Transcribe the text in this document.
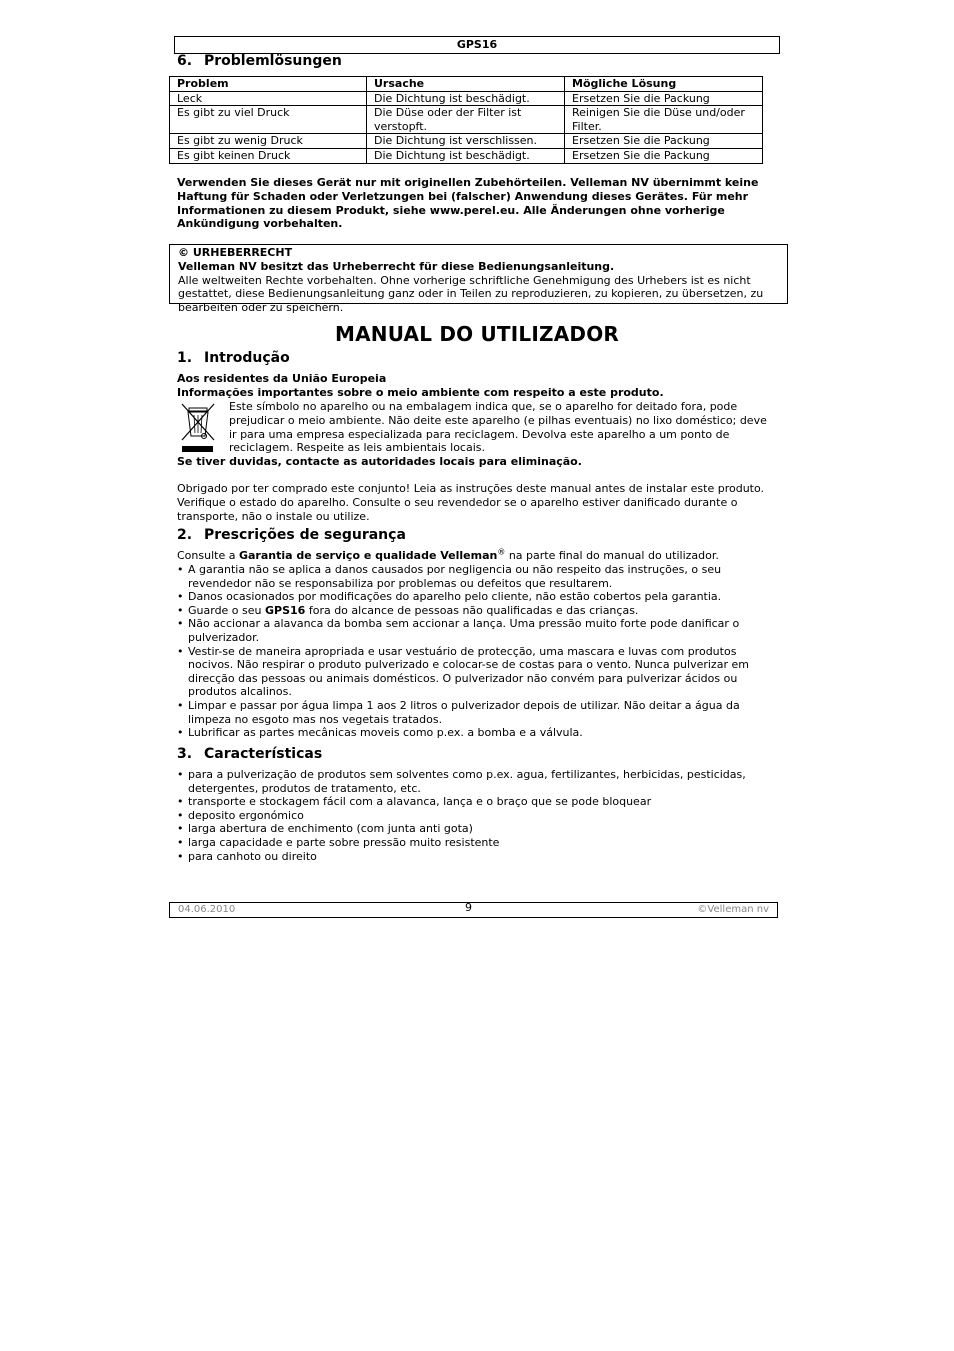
GPS16
6. Problemlösungen
Problem	Ursache	Mögliche Lösung
Leck	Die Dichtung ist beschädigt.	Ersetzen Sie die Packung
Es gibt zu viel Druck	Die Düse oder der Filter ist verstopft.	Reinigen Sie die Düse und/oder Filter.
Es gibt zu wenig Druck	Die Dichtung ist verschlissen.	Ersetzen Sie die Packung
Es gibt keinen Druck	Die Dichtung ist beschädigt.	Ersetzen Sie die Packung
Verwenden Sie dieses Gerät nur mit originellen Zubehörteilen. Velleman NV übernimmt keine Haftung für Schaden oder Verletzungen bei (falscher) Anwendung dieses Gerätes. Für mehr Informationen zu diesem Produkt, siehe www.perel.eu. Alle Änderungen ohne vorherige Ankündigung vorbehalten.
© URHEBERRECHT
Velleman NV besitzt das Urheberrecht für diese Bedienungsanleitung.
Alle weltweiten Rechte vorbehalten. Ohne vorherige schriftliche Genehmigung des Urhebers ist es nicht gestattet, diese Bedienungsanleitung ganz oder in Teilen zu reproduzieren, zu kopieren, zu übersetzen, zu bearbeiten oder zu speichern.
MANUAL DO UTILIZADOR
1. Introdução
Aos residentes da União Europeia
Informações importantes sobre o meio ambiente com respeito a este produto.
Este símbolo no aparelho ou na embalagem indica que, se o aparelho for deitado fora, pode prejudicar o meio ambiente. Não deite este aparelho (e pilhas eventuais) no lixo doméstico; deve ir para uma empresa especializada para reciclagem. Devolva este aparelho a um ponto de reciclagem. Respeite as leis ambientais locais.
Se tiver duvidas, contacte as autoridades locais para eliminação.
Obrigado por ter comprado este conjunto! Leia as instruções deste manual antes de instalar este produto. Verifique o estado do aparelho. Consulte o seu revendedor se o aparelho estiver danificado durante o transporte, não o instale ou utilize.
2. Prescrições de segurança
Consulte a Garantia de serviço e qualidade Velleman® na parte final do manual do utilizador.
• A garantia não se aplica a danos causados por negligencia ou não respeito das instruções, o seu revendedor não se responsabiliza por problemas ou defeitos que resultarem.
• Danos ocasionados por modificações do aparelho pelo cliente, não estão cobertos pela garantia.
• Guarde o seu GPS16 fora do alcance de pessoas não qualificadas e das crianças.
• Não accionar a alavanca da bomba sem accionar a lança. Uma pressão muito forte pode danificar o pulverizador.
• Vestir-se de maneira apropriada e usar vestuário de protecção, uma mascara e luvas com produtos nocivos. Não respirar o produto pulverizado e colocar-se de costas para o vento. Nunca pulverizar em direcção das pessoas ou animais domésticos. O pulverizador não convém para pulverizar ácidos ou produtos alcalinos.
• Limpar e passar por água limpa 1 aos 2 litros o pulverizador depois de utilizar. Não deitar a água da limpeza no esgoto mas nos vegetais tratados.
• Lubrificar as partes mecânicas moveis como p.ex. a bomba e a válvula.
3. Características
• para a pulverização de produtos sem solventes como p.ex. agua, fertilizantes, herbicidas, pesticidas, detergentes, produtos de tratamento, etc.
• transporte e stockagem fácil com a alavanca, lança e o braço que se pode bloquear
• deposito ergonómico
• larga abertura de enchimento (com junta anti gota)
• larga capacidade e parte sobre pressão muito resistente
• para canhoto ou direito
04.06.2010	9	©Velleman nv
